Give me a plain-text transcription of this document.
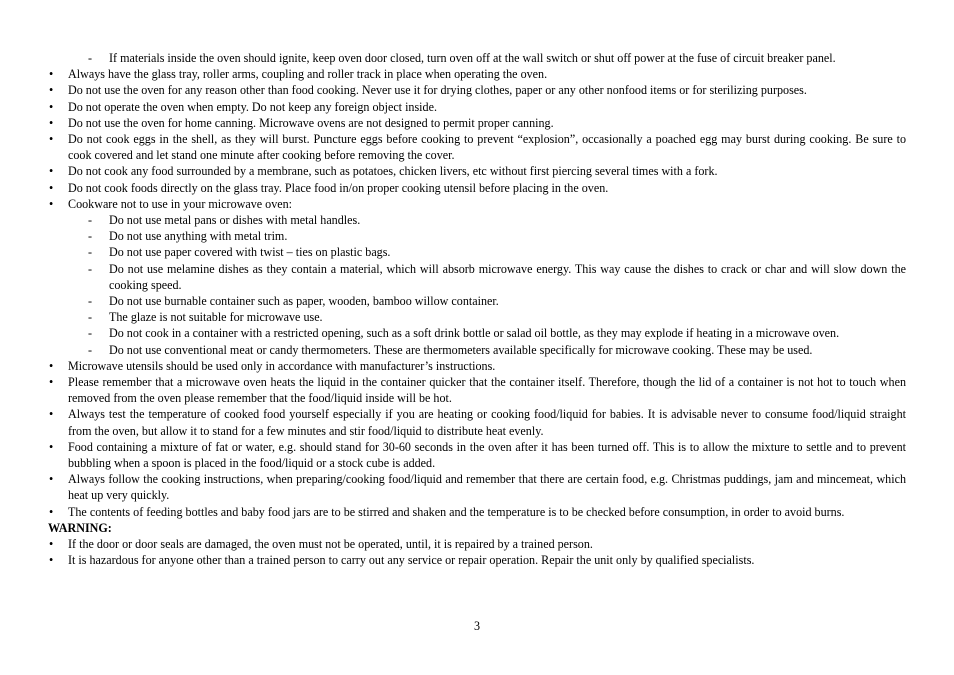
- If materials inside the oven should ignite, keep oven door closed, turn oven off at the wall switch or shut off power at the fuse of circuit breaker panel.
• Always have the glass tray, roller arms, coupling and roller track in place when operating the oven.
• Do not use the oven for any reason other than food cooking. Never use it for drying clothes, paper or any other nonfood items or for sterilizing purposes.
• Do not operate the oven when empty. Do not keep any foreign object inside.
• Do not use the oven for home canning. Microwave ovens are not designed to permit proper canning.
• Do not cook eggs in the shell, as they will burst. Puncture eggs before cooking to prevent “explosion”, occasionally a poached egg may burst during cooking. Be sure to cook covered and let stand one minute after cooking before removing the cover.
• Do not cook any food surrounded by a membrane, such as potatoes, chicken livers, etc without first piercing several times with a fork.
• Do not cook foods directly on the glass tray. Place food in/on proper cooking utensil before placing in the oven.
• Cookware not to use in your microwave oven:
- Do not use metal pans or dishes with metal handles.
- Do not use anything with metal trim.
- Do not use paper covered with twist – ties on plastic bags.
- Do not use melamine dishes as they contain a material, which will absorb microwave energy. This way cause the dishes to crack or char and will slow down the cooking speed.
- Do not use burnable container such as paper, wooden, bamboo willow container.
- The glaze is not suitable for microwave use.
- Do not cook in a container with a restricted opening, such as a soft drink bottle or salad oil bottle, as they may explode if heating in a microwave oven.
- Do not use conventional meat or candy thermometers. These are thermometers available specifically for microwave cooking. These may be used.
• Microwave utensils should be used only in accordance with manufacturer’s instructions.
• Please remember that a microwave oven heats the liquid in the container quicker that the container itself. Therefore, though the lid of a container is not hot to touch when removed from the oven please remember that the food/liquid inside will be hot.
• Always test the temperature of cooked food yourself especially if you are heating or cooking food/liquid for babies. It is advisable never to consume food/liquid straight from the oven, but allow it to stand for a few minutes and stir food/liquid to distribute heat evenly.
• Food containing a mixture of fat or water, e.g. should stand for 30-60 seconds in the oven after it has been turned off. This is to allow the mixture to settle and to prevent bubbling when a spoon is placed in the food/liquid or a stock cube is added.
• Always follow the cooking instructions, when preparing/cooking food/liquid and remember that there are certain food, e.g. Christmas puddings, jam and mincemeat, which heat up very quickly.
• The contents of feeding bottles and baby food jars are to be stirred and shaken and the temperature is to be checked before consumption, in order to avoid burns.
WARNING:
• If the door or door seals are damaged, the oven must not be operated, until, it is repaired by a trained person.
• It is hazardous for anyone other than a trained person to carry out any service or repair operation. Repair the unit only by qualified specialists.
3
